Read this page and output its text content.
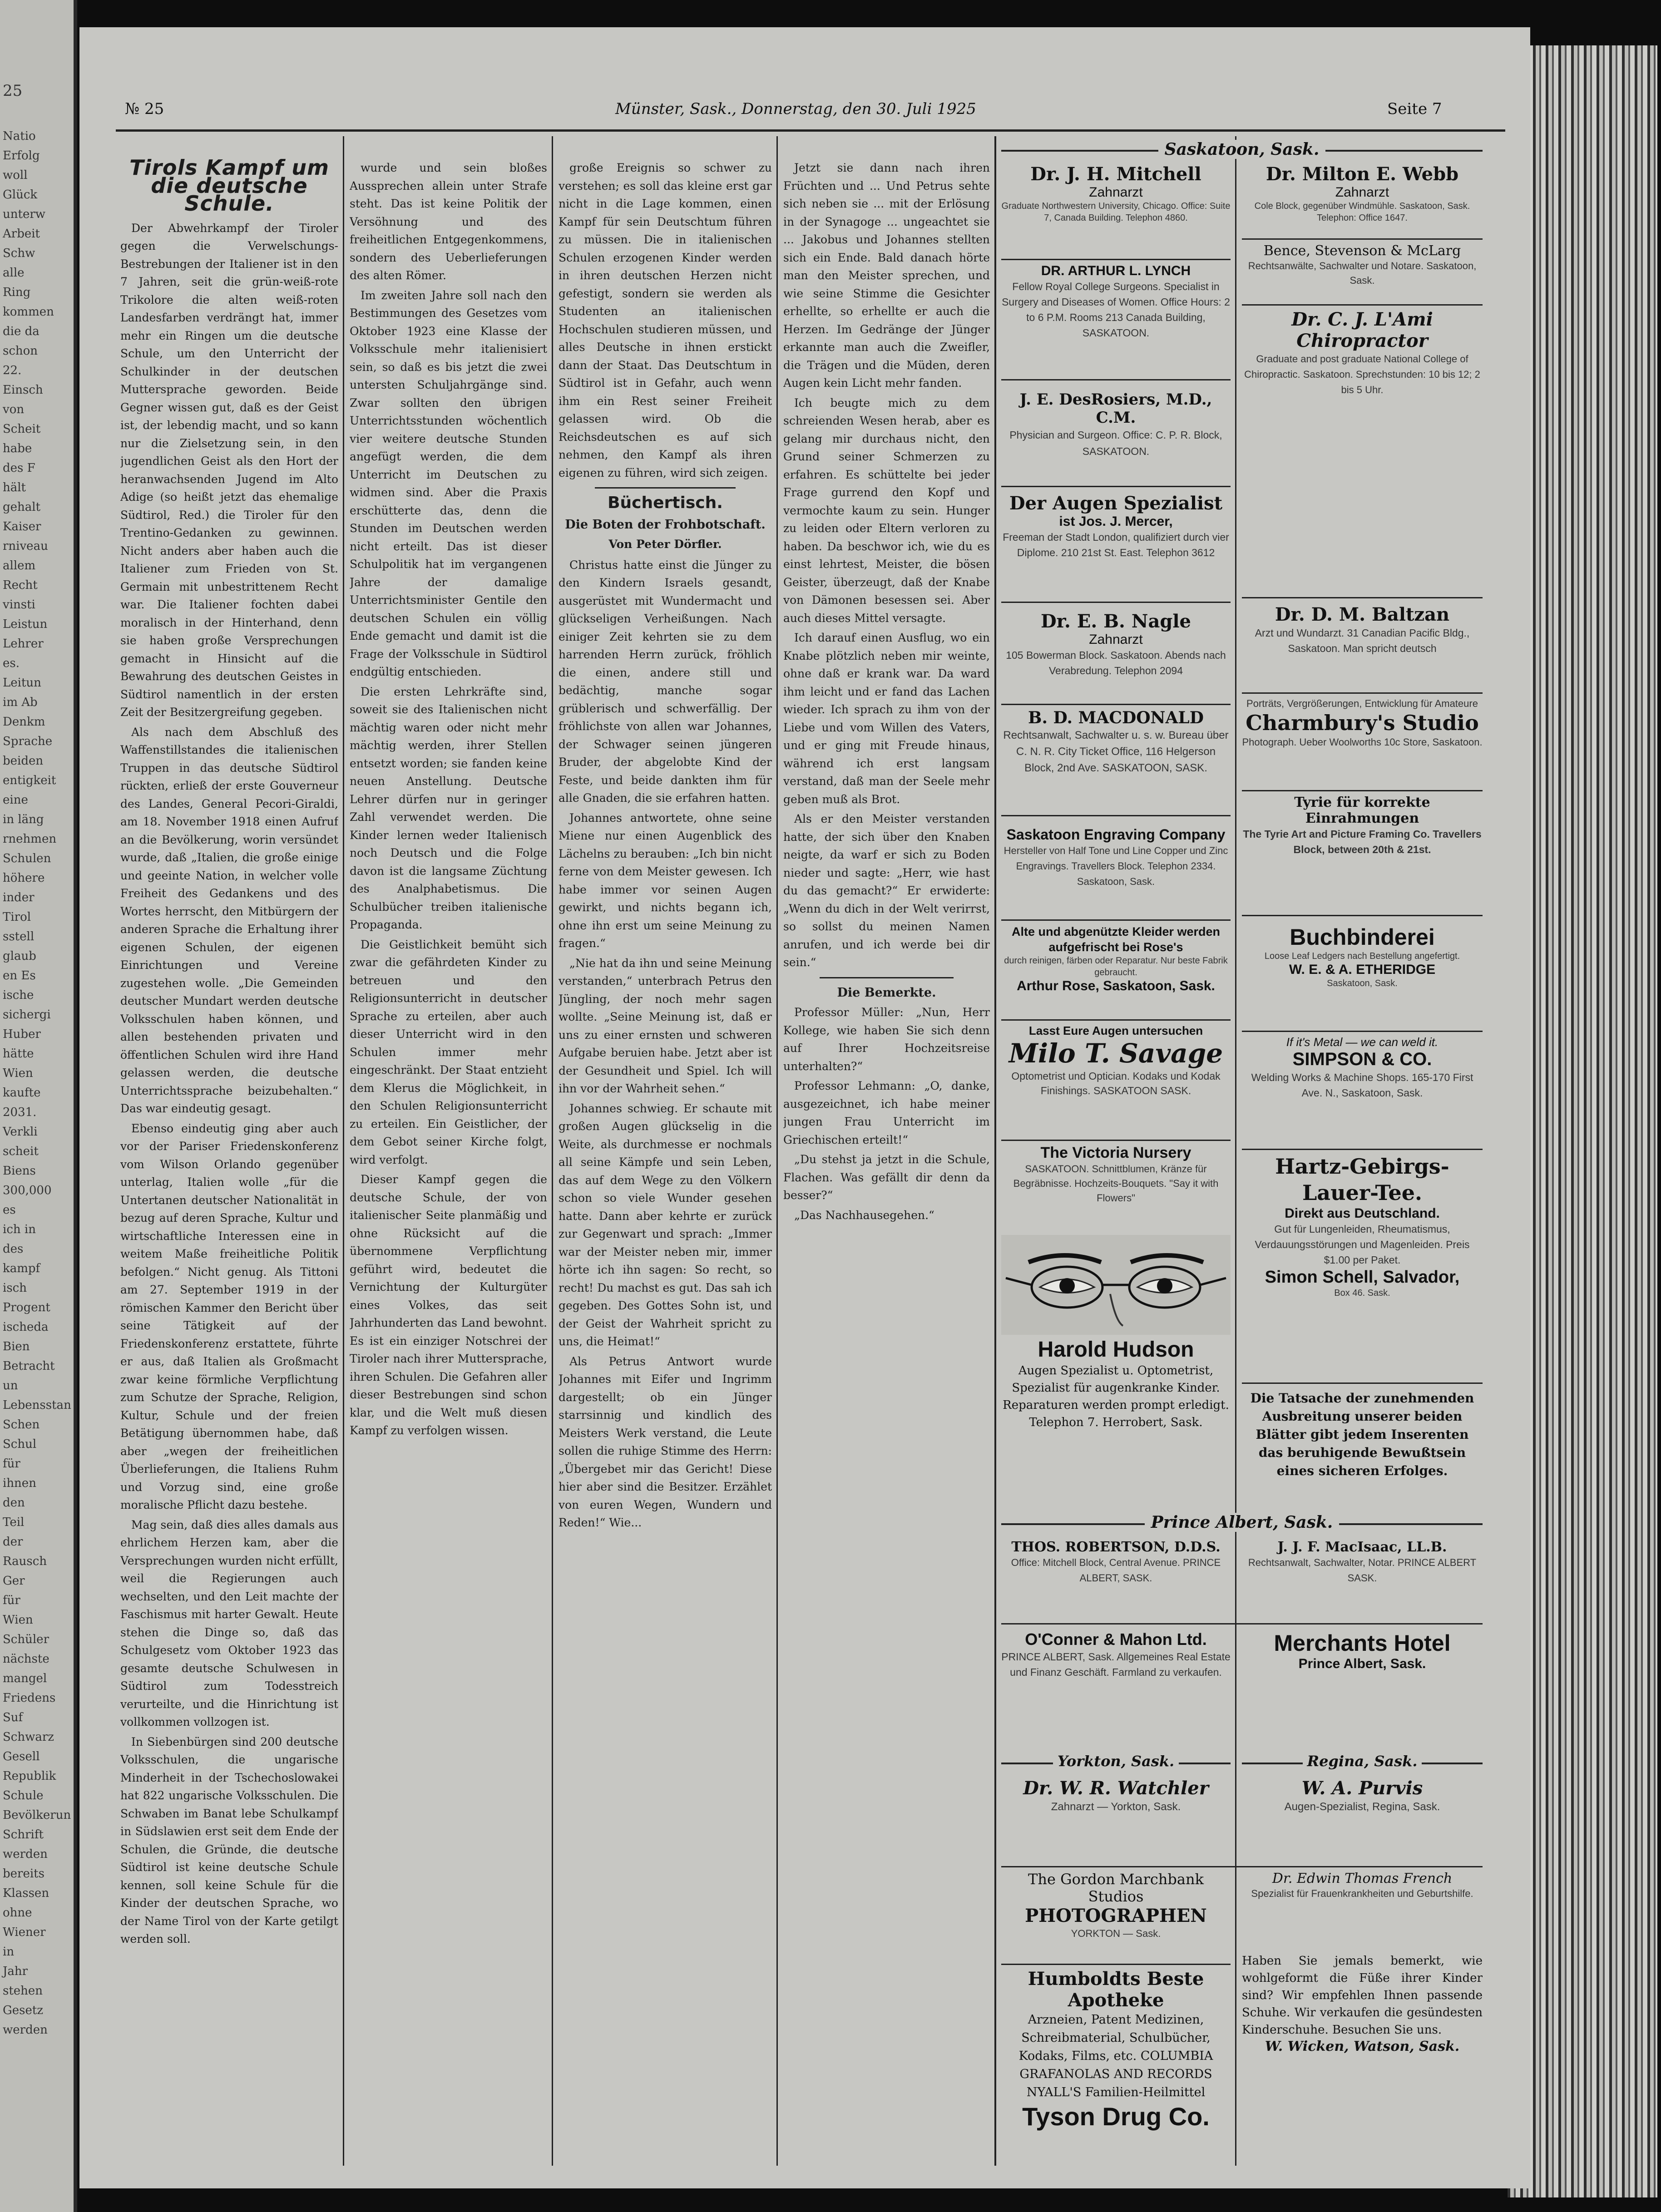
25
Natio
Erfolg
woll
Glück
unterw
Arbeit
Schw
alle
Ring
kommen
die da
schon
22.
Einsch
von
Scheit
habe
des F
hält
gehalt
Kaiser
rniveau
allem
Recht
vinsti
Leistun
Lehrer
es.
Leitun
im Ab
Denkm
Sprache
beiden
entigkeit
eine
in läng
rnehmen
Schulen
höhere
inder
Tirol
sstell
glaub
en Es
ische
sichergi
Huber
hätte
Wien
kaufte
2031.
Verkli
scheit
Biens
300,000
es
ich in
des
kampf
isch
Progent
ischeda
Bien
Betracht
un
Lebensstan
Schen
Schul
für
ihnen
den
Teil
der
Rausch
Ger
für
Wien
Schüler
nächste
mangel
Friedens
Suf
Schwarz
Gesell
Republik
Schule
Bevölkerun
Schrift
werden
bereits
Klassen
ohne
Wiener
in
Jahr
stehen
Gesetz
werden
№ 25	Münster, Sask., Donnerstag, den 30. Juli 1925	Seite 7
Tirols Kampf um die deutsche Schule.

Der Abwehrkampf der Tiroler gegen die Verwelschungs-Bestrebungen der Italiener ist in den 7 Jahren, seit die grün-weiß-rote Trikolore die alten weiß-roten Landesfarben verdrängt hat, immer mehr ein Ringen um die deutsche Schule, um den Unterricht der Schulkinder in der deutschen Muttersprache geworden. Beide Gegner wissen gut, daß es der Geist ist, der lebendig macht, und so kann nur die Zielsetzung sein, in den jugendlichen Geist als den Hort der heranwachsenden Jugend im Alto Adige (so heißt jetzt das ehemalige Südtirol, Red.) die Tiroler für den Trentino-Gedanken zu gewinnen. Nicht anders aber haben auch die Italiener zum Frieden von St. Germain mit unbestrittenem Recht war. Die Italiener fochten dabei moralisch in der Hinterhand, denn sie haben große Versprechungen gemacht in Hinsicht auf die Bewahrung des deutschen Geistes in Südtirol namentlich in der ersten Zeit der Besitzergreifung gegeben.

Als nach dem Abschluß des Waffenstillstandes die italienischen Truppen in das deutsche Südtirol rückten, erließ der erste Gouverneur des Landes, General Pecori-Giraldi, am 18. November 1918 einen Aufruf an die Bevölkerung, worin versündet wurde, daß „Italien, die große einige und geeinte Nation, in welcher volle Freiheit des Gedankens und des Wortes herrscht, den Mitbürgern der anderen Sprache die Erhaltung ihrer eigenen Schulen, der eigenen Einrichtungen und Vereine zugestehen wolle. „Die Gemeinden deutscher Mundart werden deutsche Volksschulen haben können, und allen bestehenden privaten und öffentlichen Schulen wird ihre Hand gelassen werden, die deutsche Unterrichtssprache beizubehalten.“ Das war eindeutig gesagt.

Ebenso eindeutig ging aber auch vor der Pariser Friedenskonferenz vom Wilson Orlando gegenüber unterlag, Italien wolle „für die Untertanen deutscher Nationalität in bezug auf deren Sprache, Kultur und wirtschaftliche Interessen eine in weitem Maße freiheitliche Politik befolgen.“ Nicht genug. Als Tittoni am 27. September 1919 in der römischen Kammer den Bericht über seine Tätigkeit auf der Friedenskonferenz erstattete, führte er aus, daß Italien als Großmacht zwar keine förmliche Verpflichtung zum Schutze der Sprache, Religion, Kultur, Schule und der freien Betätigung übernommen habe, daß aber „wegen der freiheitlichen Überlieferungen, die Italiens Ruhm und Vorzug sind, eine große moralische Pflicht dazu bestehe.

Mag sein, daß dies alles damals aus ehrlichem Herzen kam, aber die Versprechungen wurden nicht erfüllt, weil die Regierungen auch wechselten, und den Leit machte der Faschismus mit harter Gewalt. Heute stehen die Dinge so, daß das Schulgesetz vom Oktober 1923 das gesamte deutsche Schulwesen in Südtirol zum Todesstreich verurteilte, und die Hinrichtung ist vollkommen vollzogen ist.

In Siebenbürgen sind 200 deutsche Volksschulen, die ungarische Minderheit in der Tschechoslowakei hat 822 ungarische Volksschulen. Die Schwaben im Banat lebe Schulkampf in Südslawien erst seit dem Ende der Schulen, die Gründe, die deutsche Südtirol ist keine deutsche Schule kennen, soll keine Schule für die Kinder der deutschen Sprache, wo der Name Tirol von der Karte getilgt werden soll.

wurde und sein bloßes Aussprechen allein unter Strafe steht. Das ist keine Politik der Versöhnung und des freiheitlichen Entgegenkommens, sondern des Ueberlieferungen des alten Römer.

Im zweiten Jahre soll nach den Bestimmungen des Gesetzes vom Oktober 1923 eine Klasse der Volksschule mehr italienisiert sein, so daß es bis jetzt die zwei untersten Schuljahrgänge sind. Zwar sollten den übrigen Unterrichtsstunden wöchentlich vier weitere deutsche Stunden angefügt werden, die dem Unterricht im Deutschen zu widmen sind. Aber die Praxis erschütterte das, denn die Stunden im Deutschen werden nicht erteilt. Das ist dieser Schulpolitik hat im vergangenen Jahre der damalige Unterrichtsminister Gentile den deutschen Schulen ein völlig Ende gemacht und damit ist die Frage der Volksschule in Südtirol endgültig entschieden.

Die ersten Lehrkräfte sind, soweit sie des Italienischen nicht mächtig waren oder nicht mehr mächtig werden, ihrer Stellen entsetzt worden; sie fanden keine neuen Anstellung. Deutsche Lehrer dürfen nur in geringer Zahl verwendet werden. Die Kinder lernen weder Italienisch noch Deutsch und die Folge davon ist die langsame Züchtung des Analphabetismus. Die Schulbücher treiben italienische Propaganda.

Die Geistlichkeit bemüht sich zwar die gefährdeten Kinder zu betreuen und den Religionsunterricht in deutscher Sprache zu erteilen, aber auch dieser Unterricht wird in den Schulen immer mehr eingeschränkt. Der Staat entzieht dem Klerus die Möglichkeit, in den Schulen Religionsunterricht zu erteilen. Ein Geistlicher, der dem Gebot seiner Kirche folgt, wird verfolgt.

Dieser Kampf gegen die deutsche Schule, der von italienischer Seite planmäßig und ohne Rücksicht auf die übernommene Verpflichtung geführt wird, bedeutet die Vernichtung der Kulturgüter eines Volkes, das seit Jahrhunderten das Land bewohnt. Es ist ein einziger Notschrei der Tiroler nach ihrer Muttersprache, ihren Schulen. Die Gefahren aller dieser Bestrebungen sind schon klar, und die Welt muß diesen Kampf zu verfolgen wissen.

große Ereignis so schwer zu verstehen; es soll das kleine erst gar nicht in die Lage kommen, einen Kampf für sein Deutschtum führen zu müssen. Die in italienischen Schulen erzogenen Kinder werden in ihren deutschen Herzen nicht gefestigt, sondern sie werden als Studenten an italienischen Hochschulen studieren müssen, und alles Deutsche in ihnen erstickt dann der Staat. Das Deutschtum in Südtirol ist in Gefahr, auch wenn ihm ein Rest seiner Freiheit gelassen wird. Ob die Reichsdeutschen es auf sich nehmen, den Kampf als ihren eigenen zu führen, wird sich zeigen.

Büchertisch.
Die Boten der Frohbotschaft.
Von Peter Dörfler.

Christus hatte einst die Jünger zu den Kindern Israels gesandt, ausgerüstet mit Wundermacht und glückseligen Verheißungen. Nach einiger Zeit kehrten sie zu dem harrenden Herrn zurück, fröhlich die einen, andere still und bedächtig, manche sogar grüblerisch und schwerfällig. Der fröhlichste von allen war Johannes, der Schwager seinen jüngeren Bruder, der abgelobte Kind der Feste, und beide dankten ihm für alle Gnaden, die sie erfahren hatten.

Johannes antwortete, ohne seine Miene nur einen Augenblick des Lächelns zu berauben: „Ich bin nicht ferne von dem Meister gewesen. Ich habe immer vor seinen Augen gewirkt, und nichts begann ich, ohne ihn erst um seine Meinung zu fragen.“

„Nie hat da ihn und seine Meinung verstanden,“ unterbrach Petrus den Jüngling, der noch mehr sagen wollte. „Seine Meinung ist, daß er uns zu einer ernsten und schweren Aufgabe beruien habe. Jetzt aber ist der Gesundheit und Spiel. Ich will ihn vor der Wahrheit sehen.“

Johannes schwieg. Er schaute mit großen Augen glückselig in die Weite, als durchmesse er nochmals all seine Kämpfe und sein Leben, das auf dem Wege zu den Völkern schon so viele Wunder gesehen hatte. Dann aber kehrte er zurück zur Gegenwart und sprach: „Immer war der Meister neben mir, immer hörte ich ihn sagen: So recht, so recht! Du machst es gut. Das sah ich gegeben. Des Gottes Sohn ist, und der Geist der Wahrheit spricht zu uns, die Heimat!“

Als Petrus Antwort wurde Johannes mit Eifer und Ingrimm dargestellt; ob ein Jünger starrsinnig und kindlich des Meisters Werk verstand, die Leute sollen die ruhige Stimme des Herrn: „Übergebet mir das Gericht! Diese hier aber sind die Besitzer. Erzählet von euren Wegen, Wundern und Reden!“ Wie...

Jetzt sie dann nach ihren Früchten und ... Und Petrus sehte sich neben sie ... mit der Erlösung in der Synagoge ... ungeachtet sie ... Jakobus und Johannes stellten sich ein Ende. Bald danach hörte man den Meister sprechen, und wie seine Stimme die Gesichter erhellte, so erhellte er auch die Herzen. Im Gedränge der Jünger erkannte man auch die Zweifler, die Trägen und die Müden, deren Augen kein Licht mehr fanden.

Ich beugte mich zu dem schreienden Wesen herab, aber es gelang mir durchaus nicht, den Grund seiner Schmerzen zu erfahren. Es schüttelte bei jeder Frage gurrend den Kopf und vermochte kaum zu sein. Hunger zu leiden oder Eltern verloren zu haben. Da beschwor ich, wie du es einst lehrtest, Meister, die bösen Geister, überzeugt, daß der Knabe von Dämonen besessen sei. Aber auch dieses Mittel versagte.

Ich darauf einen Ausflug, wo ein Knabe plötzlich neben mir weinte, ohne daß er krank war. Da ward ihm leicht und er fand das Lachen wieder. Ich sprach zu ihm von der Liebe und vom Willen des Vaters, und er ging mit Freude hinaus, während ich erst langsam verstand, daß man der Seele mehr geben muß als Brot.

Als er den Meister verstanden hatte, der sich über den Knaben neigte, da warf er sich zu Boden nieder und sagte: „Herr, wie hast du das gemacht?“ Er erwiderte: „Wenn du dich in der Welt verirrst, so sollst du meinen Namen anrufen, und ich werde bei dir sein.“

Die Bemerkte.

Professor Müller: „Nun, Herr Kollege, wie haben Sie sich denn auf Ihrer Hochzeitsreise unterhalten?“

Professor Lehmann: „O, danke, ausgezeichnet, ich habe meiner jungen Frau Unterricht im Griechischen erteilt!“

„Du stehst ja jetzt in die Schule, Flachen. Was gefällt dir denn da besser?“

„Das Nachhausegehen.“

Saskatoon, Sask.
Dr. J. H. Mitchell
Zahnarzt
Graduate Northwestern University, Chicago. Office: Suite 7, Canada Building. Telephon 4860.
DR. ARTHUR L. LYNCH
Fellow Royal College Surgeons. Specialist in Surgery and Diseases of Women. Office Hours: 2 to 6 P.M. Rooms 213 Canada Building, SASKATOON.
J. E. DesRosiers, M.D., C.M.
Physician and Surgeon. Office: C. P. R. Block, SASKATOON.
Der Augen Spezialist
ist Jos. J. Mercer,
Freeman der Stadt London, qualifiziert durch vier Diplome. 210 21st St. East. Telephon 3612
Dr. E. B. Nagle
Zahnarzt
105 Bowerman Block. Saskatoon. Abends nach Verabredung. Telephon 2094
B. D. MACDONALD
Rechtsanwalt, Sachwalter u. s. w. Bureau über C. N. R. City Ticket Office, 116 Helgerson Block, 2nd Ave. SASKATOON, SASK.
Saskatoon Engraving Company
Hersteller von Half Tone und Line Copper und Zinc Engravings. Travellers Block. Telephon 2334. Saskatoon, Sask.
Alte und abgenützte Kleider werden aufgefrischt bei Rose's
durch reinigen, färben oder Reparatur. Nur beste Fabrik gebraucht.
Arthur Rose, Saskatoon, Sask.
Lasst Eure Augen untersuchen
Milo T. Savage
Optometrist und Optician. Kodaks und Kodak Finishings. SASKATOON SASK.
The Victoria Nursery
SASKATOON. Schnittblumen, Kränze für Begräbnisse. Hochzeits-Bouquets. "Say it with Flowers"
Harold Hudson
Augen Spezialist u. Optometrist, Spezialist für augenkranke Kinder. Reparaturen werden prompt erledigt. Telephon 7. Herrobert, Sask.
Dr. Milton E. Webb
Zahnarzt
Cole Block, gegenüber Windmühle. Saskatoon, Sask. Telephon: Office 1647.
Bence, Stevenson & McLarg
Rechtsanwälte, Sachwalter und Notare. Saskatoon, Sask.
Dr. C. J. L'Ami
Chiropractor
Graduate and post graduate National College of Chiropractic. Saskatoon. Sprechstunden: 10 bis 12; 2 bis 5 Uhr.
Dr. D. M. Baltzan
Arzt und Wundarzt. 31 Canadian Pacific Bldg., Saskatoon. Man spricht deutsch
Porträts, Vergrößerungen, Entwicklung für Amateure
Charmbury's Studio
Photograph. Ueber Woolworths 10c Store, Saskatoon.
Tyrie für korrekte Einrahmungen
The Tyrie Art and Picture Framing Co. Travellers Block, between 20th & 21st.
Buchbinderei
Loose Leaf Ledgers nach Bestellung angefertigt.
W. E. & A. ETHERIDGE
Saskatoon, Sask.
If it's Metal — we can weld it.
SIMPSON & CO.
Welding Works & Machine Shops. 165-170 First Ave. N., Saskatoon, Sask.
Hartz-Gebirgs-Lauer-Tee.
Direkt aus Deutschland.
Gut für Lungenleiden, Rheumatismus, Verdauungsstörungen und Magenleiden. Preis $1.00 per Paket.
Simon Schell, Salvador,
Box 46. Sask.
Die Tatsache der zunehmenden Ausbreitung unserer beiden Blätter gibt jedem Inserenten das beruhigende Bewußtsein eines sicheren Erfolges.
Prince Albert, Sask.
THOS. ROBERTSON, D.D.S.
Office: Mitchell Block, Central Avenue. PRINCE ALBERT, SASK.
J. J. F. MacIsaac, LL.B.
Rechtsanwalt, Sachwalter, Notar. PRINCE ALBERT SASK.
O'Conner & Mahon Ltd.
PRINCE ALBERT, Sask. Allgemeines Real Estate und Finanz Geschäft. Farmland zu verkaufen.
Merchants Hotel
Prince Albert, Sask.
Yorkton, Sask.	Regina, Sask.
Dr. W. R. Watchler
Zahnarzt — Yorkton, Sask.
W. A. Purvis
Augen-Spezialist, Regina, Sask.
The Gordon Marchbank Studios
PHOTOGRAPHEN
YORKTON — Sask.
Dr. Edwin Thomas French
Spezialist für Frauenkrankheiten und Geburtshilfe.
Humboldts Beste Apotheke
Arzneien, Patent Medizinen, Schreibmaterial, Schulbücher, Kodaks, Films, etc. COLUMBIA GRAFANOLAS AND RECORDS NYALL'S Familien-Heilmittel
Tyson Drug Co.
Haben Sie jemals bemerkt, wie wohlgeformt die Füße ihrer Kinder sind? Wir empfehlen Ihnen passende Schuhe. Wir verkaufen die gesündesten Kinderschuhe. Besuchen Sie uns.
W. Wicken, Watson, Sask.
